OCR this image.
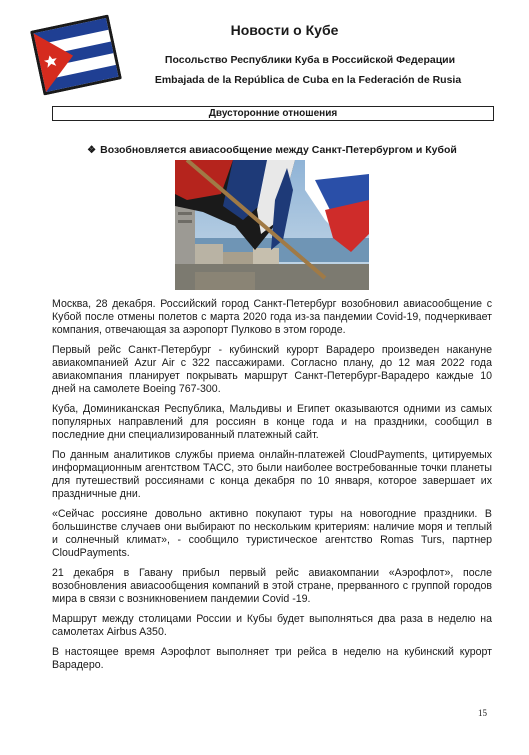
Новости о Кубе
Посольство Республики Куба в Российской Федерации
Embajada de la República de Cuba en la Federación de Rusia
Двусторонние отношения
❖ Возобновляется авиасообщение между Санкт-Петербургом и Кубой

Москва, 28 декабря. Российский город Санкт-Петербург возобновил авиасообщение с Кубой после отмены полетов с марта 2020 года из-за пандемии Covid-19, подчеркивает компания, отвечающая за аэропорт Пулково в этом городе.

Первый рейс Санкт-Петербург - кубинский курорт Варадеро произведен накануне авиакомпанией Azur Air с 322 пассажирами. Согласно плану, до 12 мая 2022 года авиакомпания планирует покрывать маршрут Санкт-Петербург-Варадеро каждые 10 дней на самолете Boeing 767-300.

Куба, Доминиканская Республика, Мальдивы и Египет оказываются одними из самых популярных направлений для россиян в конце года и на праздники, сообщил в последние дни специализированный платежный сайт.

По данным аналитиков службы приема онлайн-платежей CloudPayments, цитируемых информационным агентством ТАСС, это были наиболее востребованные точки планеты для путешествий россиянами с конца декабря по 10 января, которое завершает их праздничные дни.

«Сейчас россияне довольно активно покупают туры на новогодние праздники. В большинстве случаев они выбирают по нескольким критериям: наличие моря и теплый и солнечный климат», - сообщило туристическое агентство Romas Turs, партнер CloudPayments.

21 декабря в Гавану прибыл первый рейс авиакомпании «Аэрофлот», после возобновления авиасообщения компаний в этой стране, прерванного с группой городов мира в связи с возникновением пандемии Covid -19.

Маршрут между столицами России и Кубы будет выполняться два раза в неделю на самолетах Airbus A350.

В настоящее время Аэрофлот выполняет три рейса в неделю на кубинский курорт Варадеро.

15
